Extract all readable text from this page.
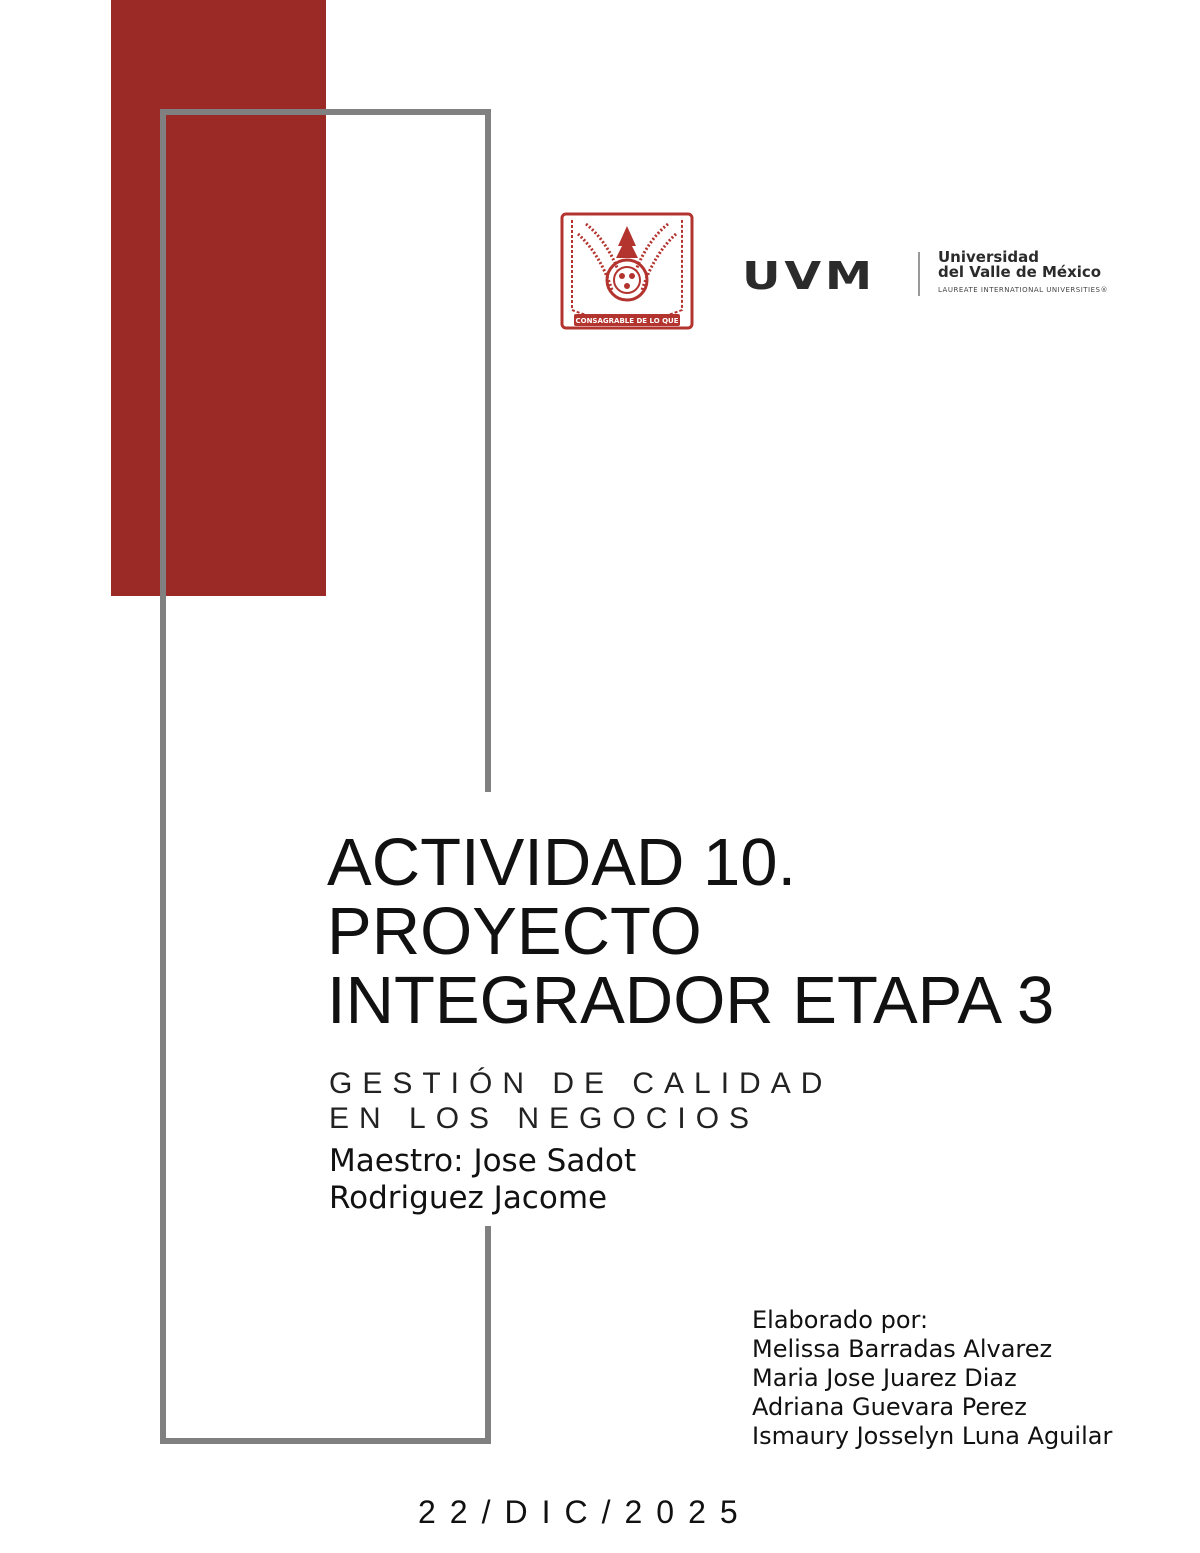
CONSAGRABLE DE LO QUE
UVM	Universidad
del Valle de México
LAUREATE INTERNATIONAL UNIVERSITIES®
ACTIVIDAD 10.
PROYECTO
INTEGRADOR ETAPA 3
GESTIÓN DE CALIDAD
EN LOS NEGOCIOS
Maestro: Jose Sadot
Rodriguez Jacome
Elaborado por:
Melissa Barradas Alvarez
Maria Jose Juarez Diaz
Adriana Guevara Perez
Ismaury Josselyn Luna Aguilar
22/DIC/2025
